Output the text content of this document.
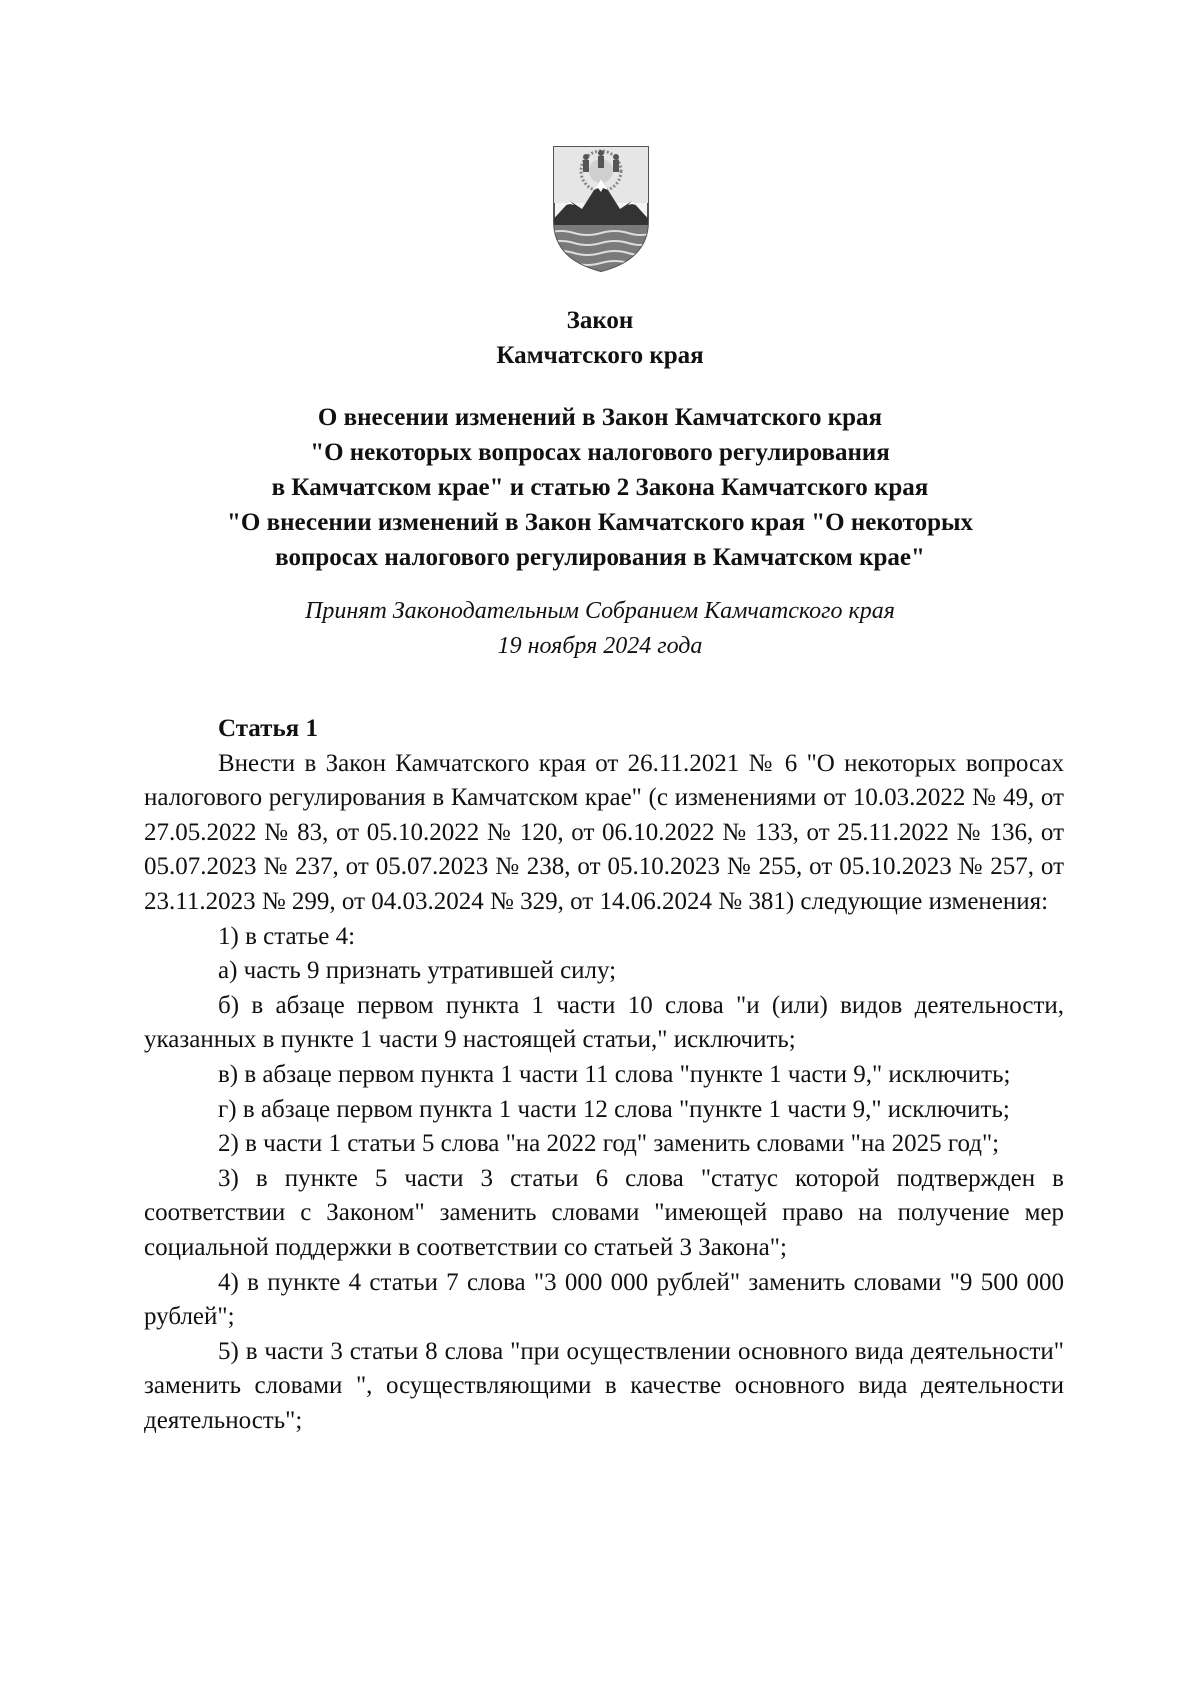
Закон
Камчатского края
О внесении изменений в Закон Камчатского края
"О некоторых вопросах налогового регулирования
в Камчатском крае" и статью 2 Закона Камчатского края
"О внесении изменений в Закон Камчатского края "О некоторых
вопросах налогового регулирования в Камчатском крае"
Принят Законодательным Собранием Камчатского края
19 ноября 2024 года
Статья 1

Внести в Закон Камчатского края от 26.11.2021 № 6 "О некоторых вопросах налогового регулирования в Камчатском крае" (с изменениями от 10.03.2022 № 49, от 27.05.2022 № 83, от 05.10.2022 № 120, от 06.10.2022 № 133, от 25.11.2022 № 136, от 05.07.2023 № 237, от 05.07.2023 № 238, от 05.10.2023 № 255, от 05.10.2023 № 257, от 23.11.2023 № 299, от 04.03.2024 № 329, от 14.06.2024 № 381) следующие изменения:

1) в статье 4:

а) часть 9 признать утратившей силу;

б) в абзаце первом пункта 1 части 10 слова "и (или) видов деятельности, указанных в пункте 1 части 9 настоящей статьи," исключить;

в) в абзаце первом пункта 1 части 11 слова "пункте 1 части 9," исключить;

г) в абзаце первом пункта 1 части 12 слова "пункте 1 части 9," исключить;

2) в части 1 статьи 5 слова "на 2022 год" заменить словами "на 2025 год";

3) в пункте 5 части 3 статьи 6 слова "статус которой подтвержден в соответствии с Законом" заменить словами "имеющей право на получение мер социальной поддержки в соответствии со статьей 3 Закона";

4) в пункте 4 статьи 7 слова "3 000 000 рублей" заменить словами "9 500 000 рублей";

5) в части 3 статьи 8 слова "при осуществлении основного вида деятельности" заменить словами ", осуществляющими в качестве основного вида деятельности деятельность";
